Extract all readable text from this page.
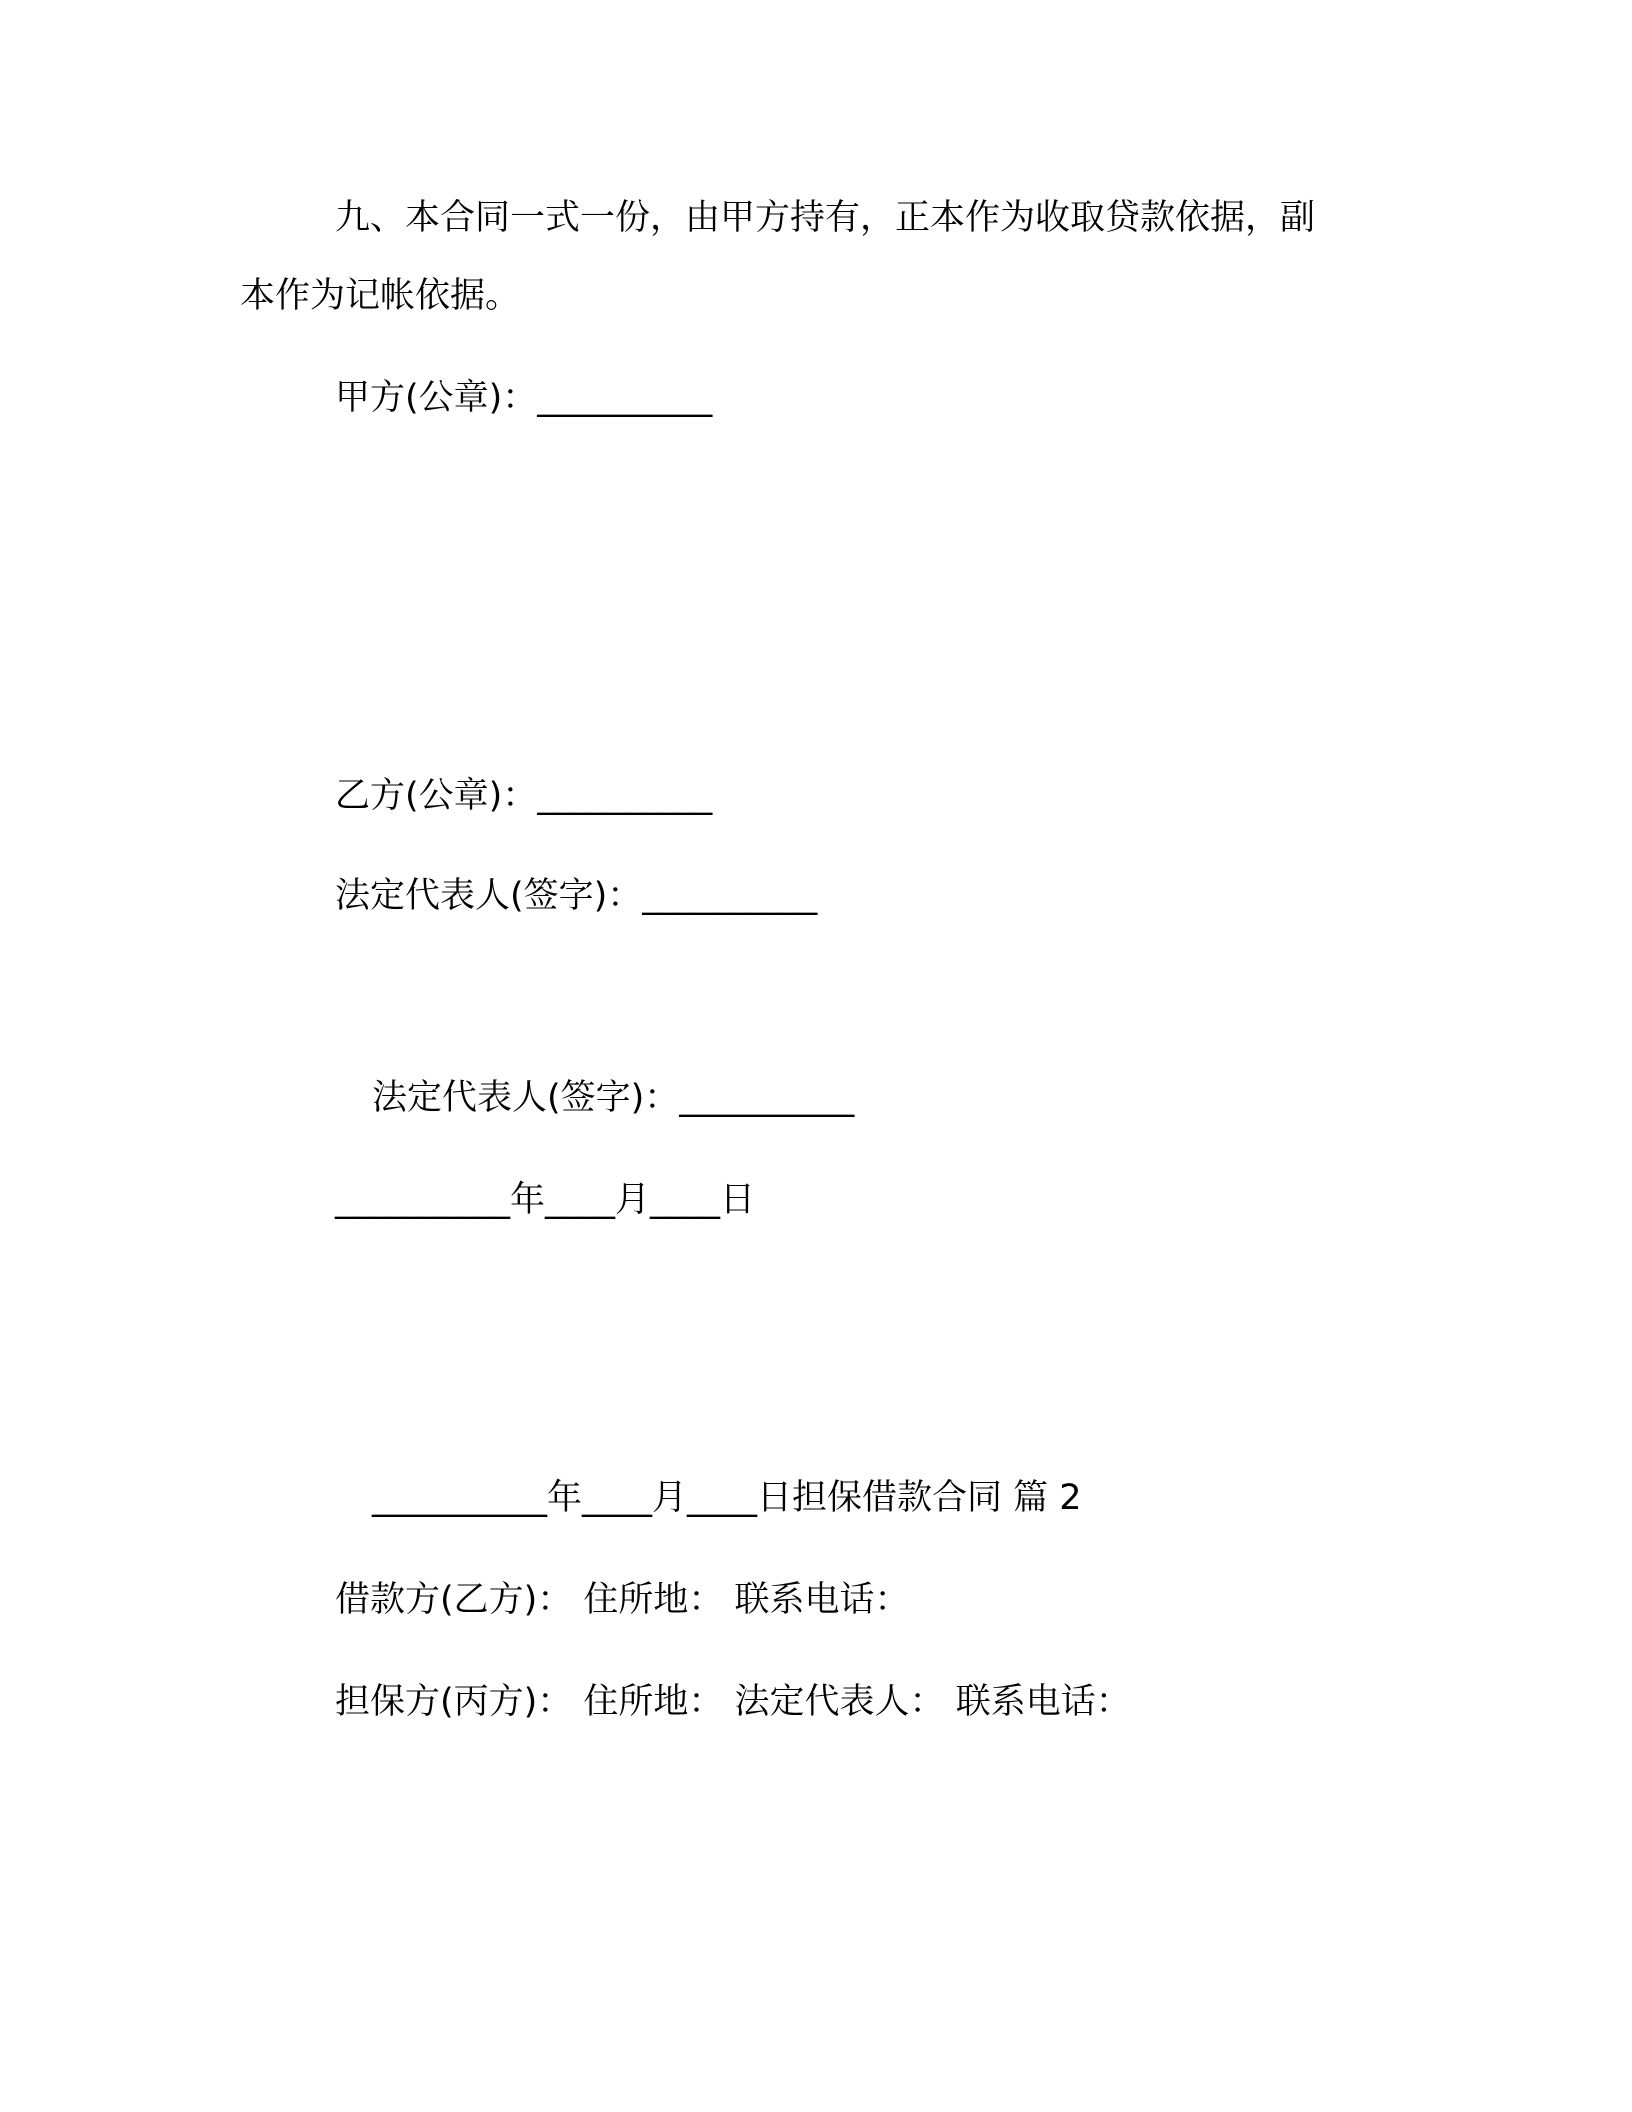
九、本合同一式一份，由甲方持有，正本作为收取贷款依据，副
本作为记帐依据。
甲方(公章)：__________
乙方(公章)：__________
法定代表人(签字)：__________
法定代表人(签字)：__________
__________年____月____日
__________年____月____日担保借款合同 篇 2
借款方(乙方)： 住所地： 联系电话：
担保方(丙方)： 住所地： 法定代表人： 联系电话：
